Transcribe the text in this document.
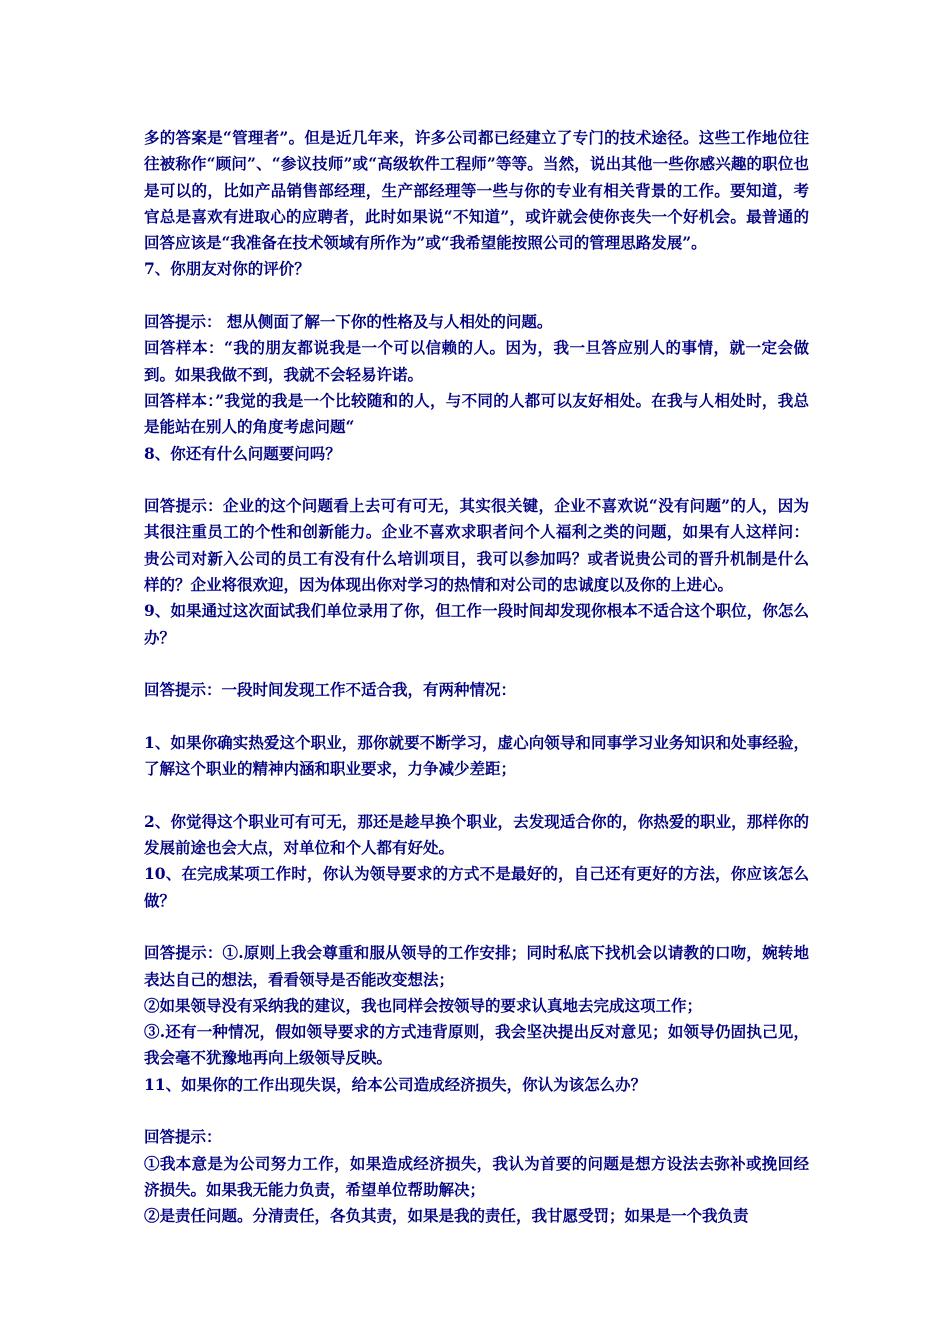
多的答案是“管理者”。但是近几年来，许多公司都已经建立了专门的技术途径。这些工作地位往往被称作“顾问”、“参议技师”或“高级软件工程师”等等。当然，说出其他一些你感兴趣的职位也是可以的，比如产品销售部经理，生产部经理等一些与你的专业有相关背景的工作。要知道，考官总是喜欢有进取心的应聘者，此时如果说“不知道”，或许就会使你丧失一个好机会。最普通的回答应该是“我准备在技术领域有所作为”或“我希望能按照公司的管理思路发展”。

7、你朋友对你的评价？

回答提示： 想从侧面了解一下你的性格及与人相处的问题。

回答样本：“我的朋友都说我是一个可以信赖的人。因为，我一旦答应别人的事情，就一定会做到。如果我做不到，我就不会轻易许诺。

回答样本：”我觉的我是一个比较随和的人，与不同的人都可以友好相处。在我与人相处时，我总是能站在别人的角度考虑问题“

8、你还有什么问题要问吗？

回答提示：企业的这个问题看上去可有可无，其实很关键，企业不喜欢说“没有问题”的人，因为其很注重员工的个性和创新能力。企业不喜欢求职者问个人福利之类的问题，如果有人这样问：贵公司对新入公司的员工有没有什么培训项目，我可以参加吗？或者说贵公司的晋升机制是什么样的？企业将很欢迎，因为体现出你对学习的热情和对公司的忠诚度以及你的上进心。

9、如果通过这次面试我们单位录用了你，但工作一段时间却发现你根本不适合这个职位，你怎么办？

回答提示：一段时间发现工作不适合我，有两种情况：

1、如果你确实热爱这个职业，那你就要不断学习，虚心向领导和同事学习业务知识和处事经验，了解这个职业的精神内涵和职业要求，力争减少差距；

2、你觉得这个职业可有可无，那还是趁早换个职业，去发现适合你的，你热爱的职业，那样你的发展前途也会大点，对单位和个人都有好处。

10、在完成某项工作时，你认为领导要求的方式不是最好的，自己还有更好的方法，你应该怎么做？

回答提示：①.原则上我会尊重和服从领导的工作安排；同时私底下找机会以请教的口吻，婉转地表达自己的想法，看看领导是否能改变想法；

②如果领导没有采纳我的建议，我也同样会按领导的要求认真地去完成这项工作；

③.还有一种情况，假如领导要求的方式违背原则，我会坚决提出反对意见；如领导仍固执己见，我会毫不犹豫地再向上级领导反映。

11、如果你的工作出现失误，给本公司造成经济损失，你认为该怎么办？

回答提示：

①我本意是为公司努力工作，如果造成经济损失，我认为首要的问题是想方设法去弥补或挽回经济损失。如果我无能力负责，希望单位帮助解决；

②是责任问题。分清责任，各负其责，如果是我的责任，我甘愿受罚；如果是一个我负责
